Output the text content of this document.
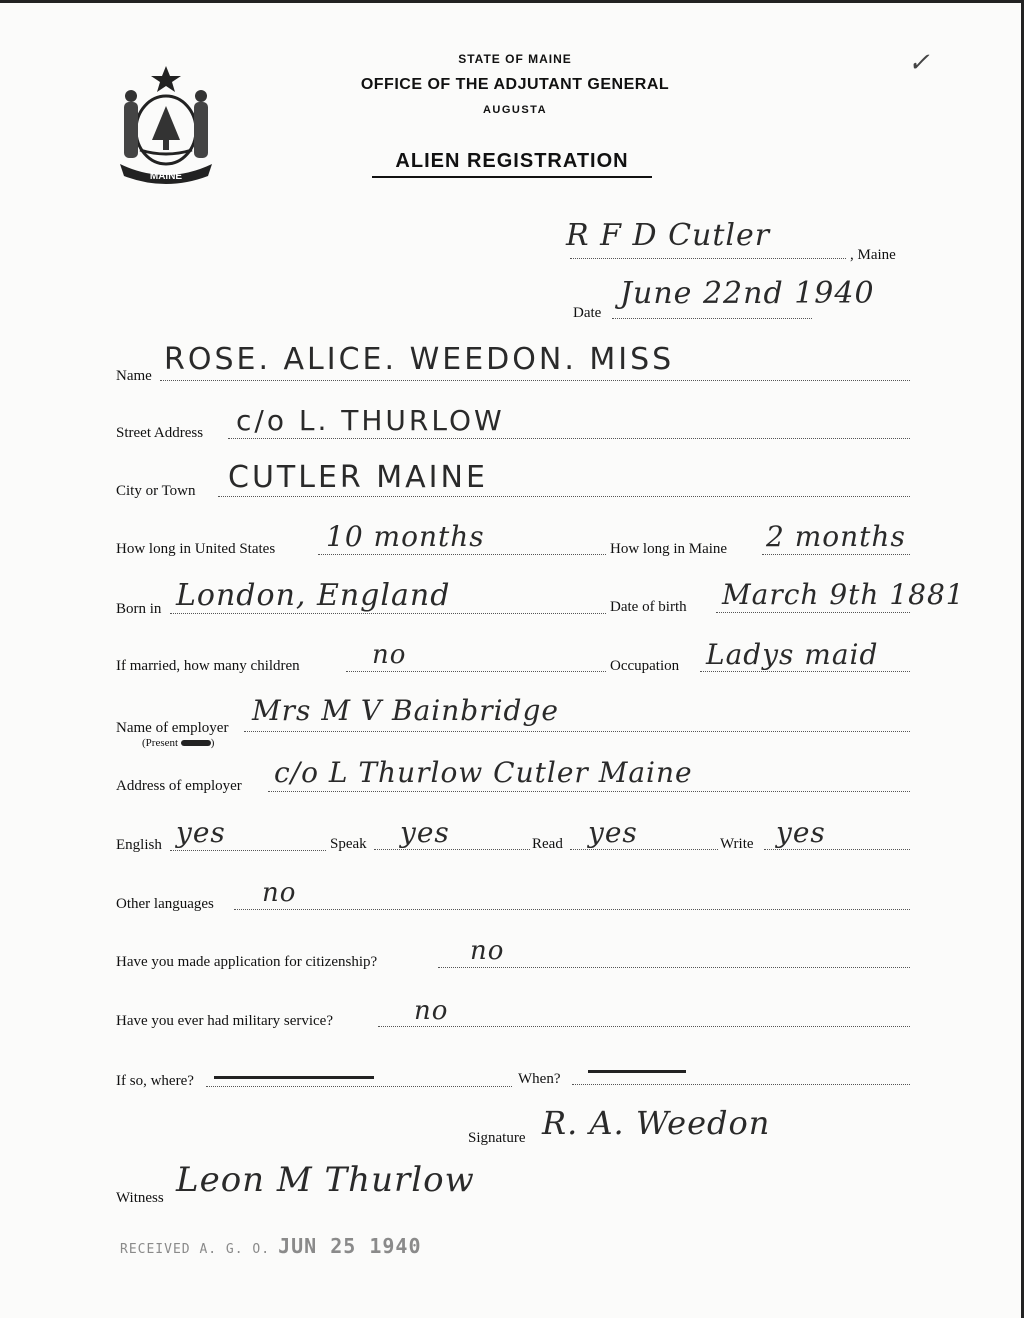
MAINE
STATE OF MAINE
OFFICE OF THE ADJUTANT GENERAL
AUGUSTA
ALIEN REGISTRATION
✓
R F D Cutler
, Maine
Date
June 22nd 1940
Name ROSE. ALICE. WEEDON. MISS
Street Address c/o L. THURLOW
City or Town CUTLER MAINE
How long in United States 10 months	How long in Maine 2 months
Born in London, England	Date of birth March 9th 1881
If married, how many children	no	Occupation Ladys maid
Name of employer
(Present	)
Mrs M V Bainbridge
Address of employer c/o L Thurlow Cutler Maine
English yes	Speak yes	Read yes	Write yes
Other languages no
Have you made application for citizenship?	no
Have you ever had military service?	no
If so, where?	When?
Signature R. A. Weedon
Witness Leon M Thurlow
RECEIVED A. G. O. JUN 25 1940
